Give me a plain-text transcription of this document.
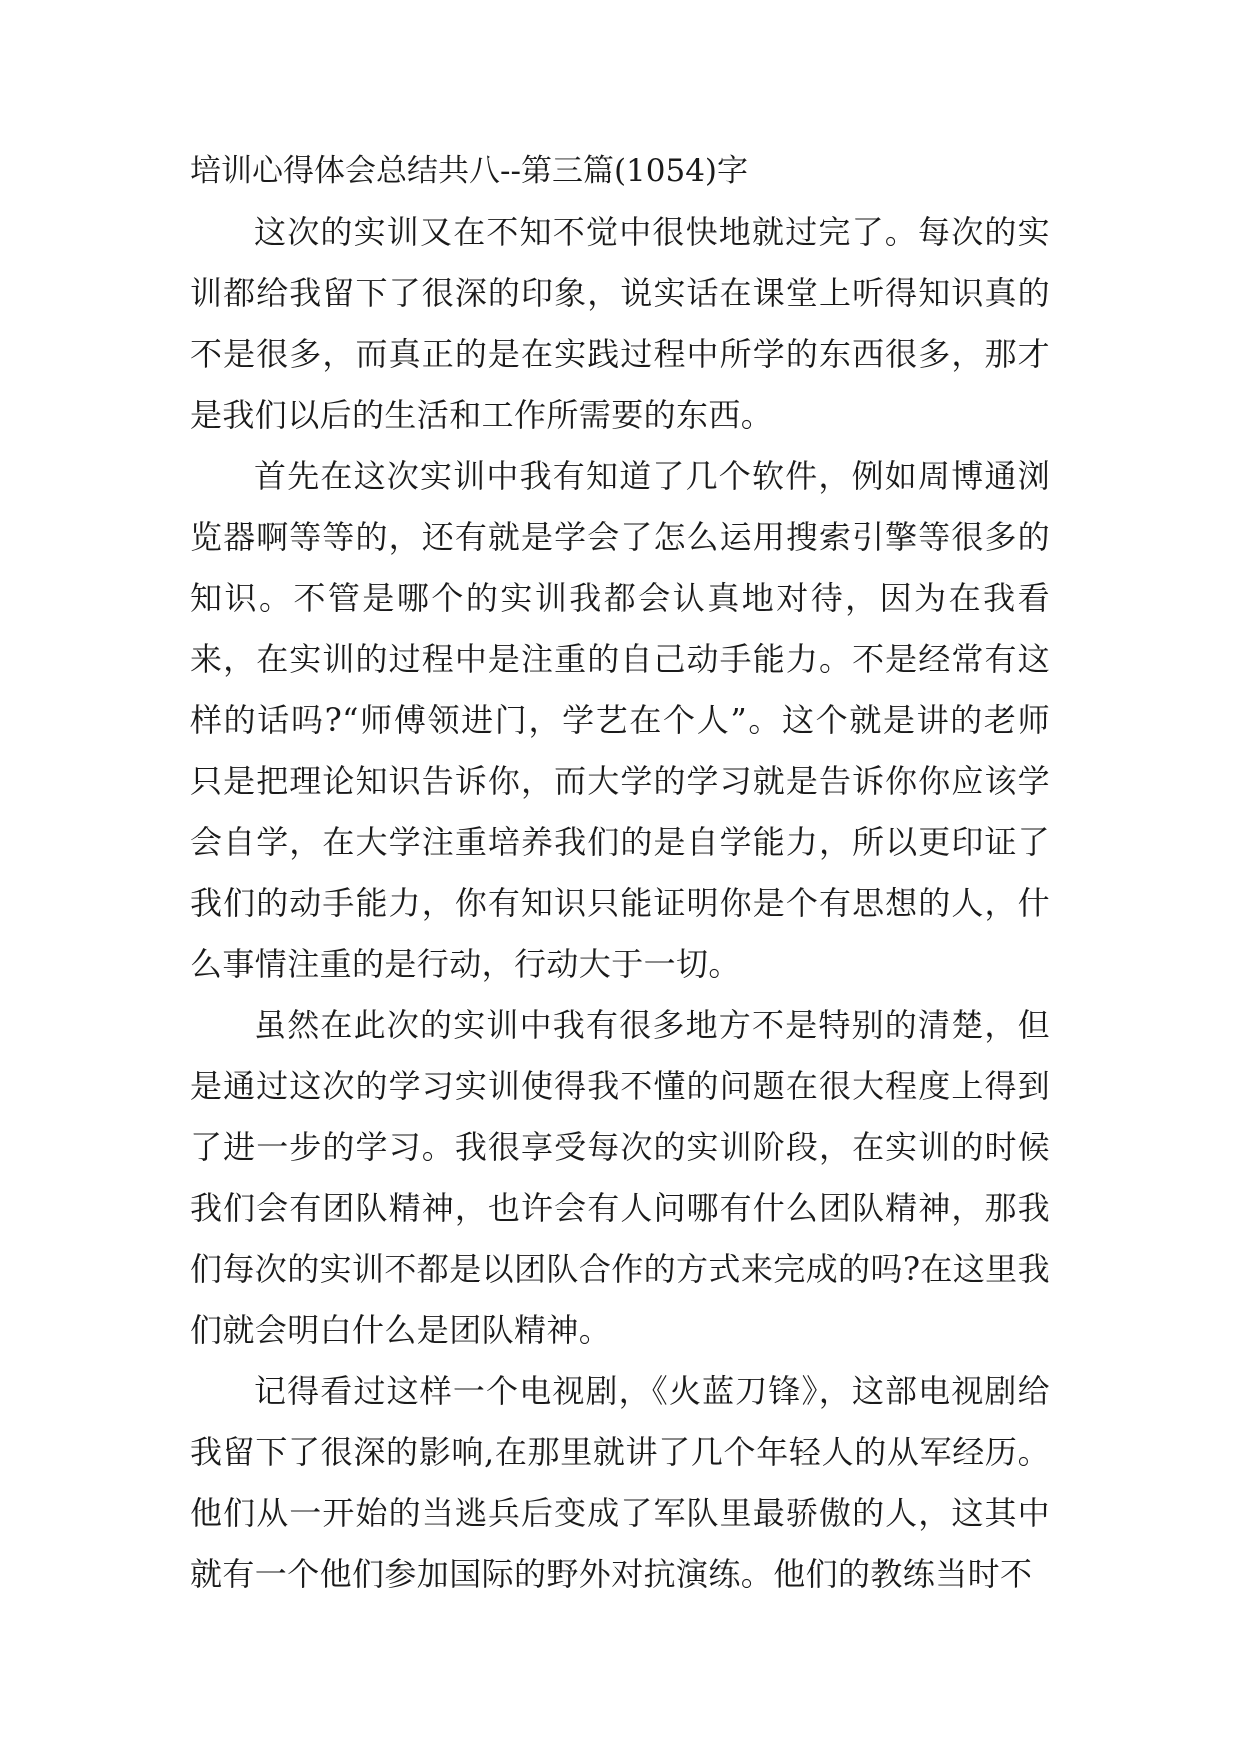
培训心得体会总结共八--第三篇(1054)字

这次的实训又在不知不觉中很快地就过完了。每次的实训都给我留下了很深的印象，说实话在课堂上听得知识真的不是很多，而真正的是在实践过程中所学的东西很多，那才是我们以后的生活和工作所需要的东西。

首先在这次实训中我有知道了几个软件，例如周博通浏览器啊等等的，还有就是学会了怎么运用搜索引擎等很多的知识。不管是哪个的实训我都会认真地对待，因为在我看来，在实训的过程中是注重的自己动手能力。不是经常有这样的话吗?“师傅领进门，学艺在个人”。这个就是讲的老师只是把理论知识告诉你，而大学的学习就是告诉你你应该学会自学，在大学注重培养我们的是自学能力，所以更印证了我们的动手能力，你有知识只能证明你是个有思想的人，什么事情注重的是行动，行动大于一切。

虽然在此次的实训中我有很多地方不是特别的清楚，但是通过这次的学习实训使得我不懂的问题在很大程度上得到了进一步的学习。我很享受每次的实训阶段，在实训的时候我们会有团队精神，也许会有人问哪有什么团队精神，那我们每次的实训不都是以团队合作的方式来完成的吗?在这里我们就会明白什么是团队精神。

记得看过这样一个电视剧，《火蓝刀锋》，这部电视剧给我留下了很深的影响,在那里就讲了几个年轻人的从军经历。他们从一开始的当逃兵后变成了军队里最骄傲的人，这其中就有一个他们参加国际的野外对抗演练。他们的教练当时不
